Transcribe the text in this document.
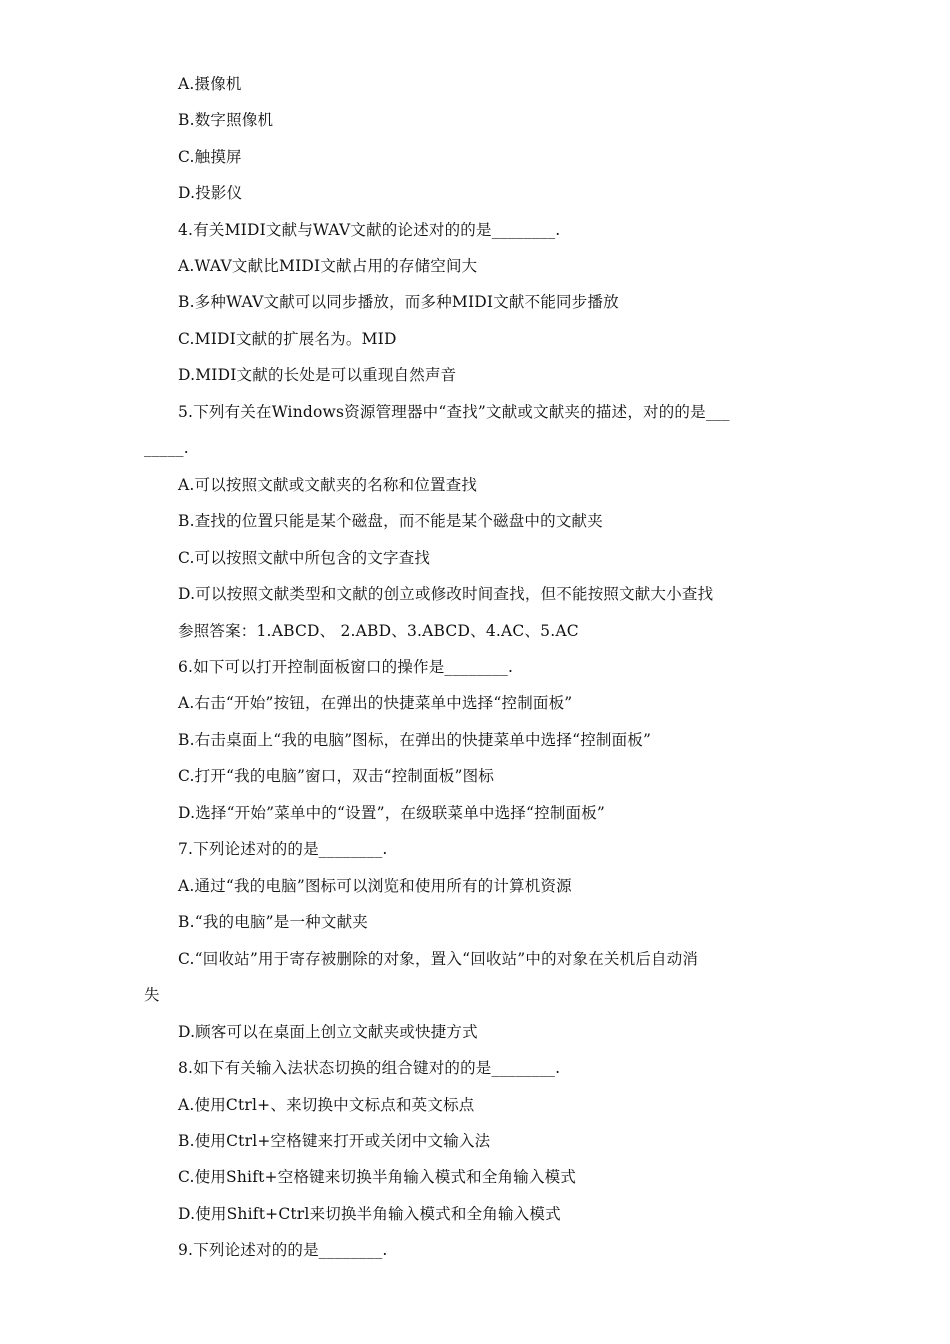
A.摄像机
B.数字照像机
C.触摸屏
D.投影仪
4.有关MIDI文献与WAV文献的论述对的的是________.
A.WAV文献比MIDI文献占用的存储空间大
B.多种WAV文献可以同步播放，而多种MIDI文献不能同步播放
C.MIDI文献的扩展名为。MID
D.MIDI文献的长处是可以重现自然声音
5.下列有关在Windows资源管理器中“查找”文献或文献夹的描述，对的的是___
_____.
A.可以按照文献或文献夹的名称和位置查找
B.查找的位置只能是某个磁盘，而不能是某个磁盘中的文献夹
C.可以按照文献中所包含的文字查找
D.可以按照文献类型和文献的创立或修改时间查找，但不能按照文献大小查找
参照答案：1.ABCD、 2.ABD、3.ABCD、4.AC、5.AC
6.如下可以打开控制面板窗口的操作是________.
A.右击“开始”按钮，在弹出的快捷菜单中选择“控制面板”
B.右击桌面上“我的电脑”图标，在弹出的快捷菜单中选择“控制面板”
C.打开“我的电脑”窗口，双击“控制面板”图标
D.选择“开始”菜单中的“设置”，在级联菜单中选择“控制面板”
7.下列论述对的的是________.
A.通过“我的电脑”图标可以浏览和使用所有的计算机资源
B.“我的电脑”是一种文献夹
C.“回收站”用于寄存被删除的对象，置入“回收站”中的对象在关机后自动消
失
D.顾客可以在桌面上创立文献夹或快捷方式
8.如下有关输入法状态切换的组合键对的的是________.
A.使用Ctrl+、来切换中文标点和英文标点
B.使用Ctrl+空格键来打开或关闭中文输入法
C.使用Shift+空格键来切换半角输入模式和全角输入模式
D.使用Shift+Ctrl来切换半角输入模式和全角输入模式
9.下列论述对的的是________.
